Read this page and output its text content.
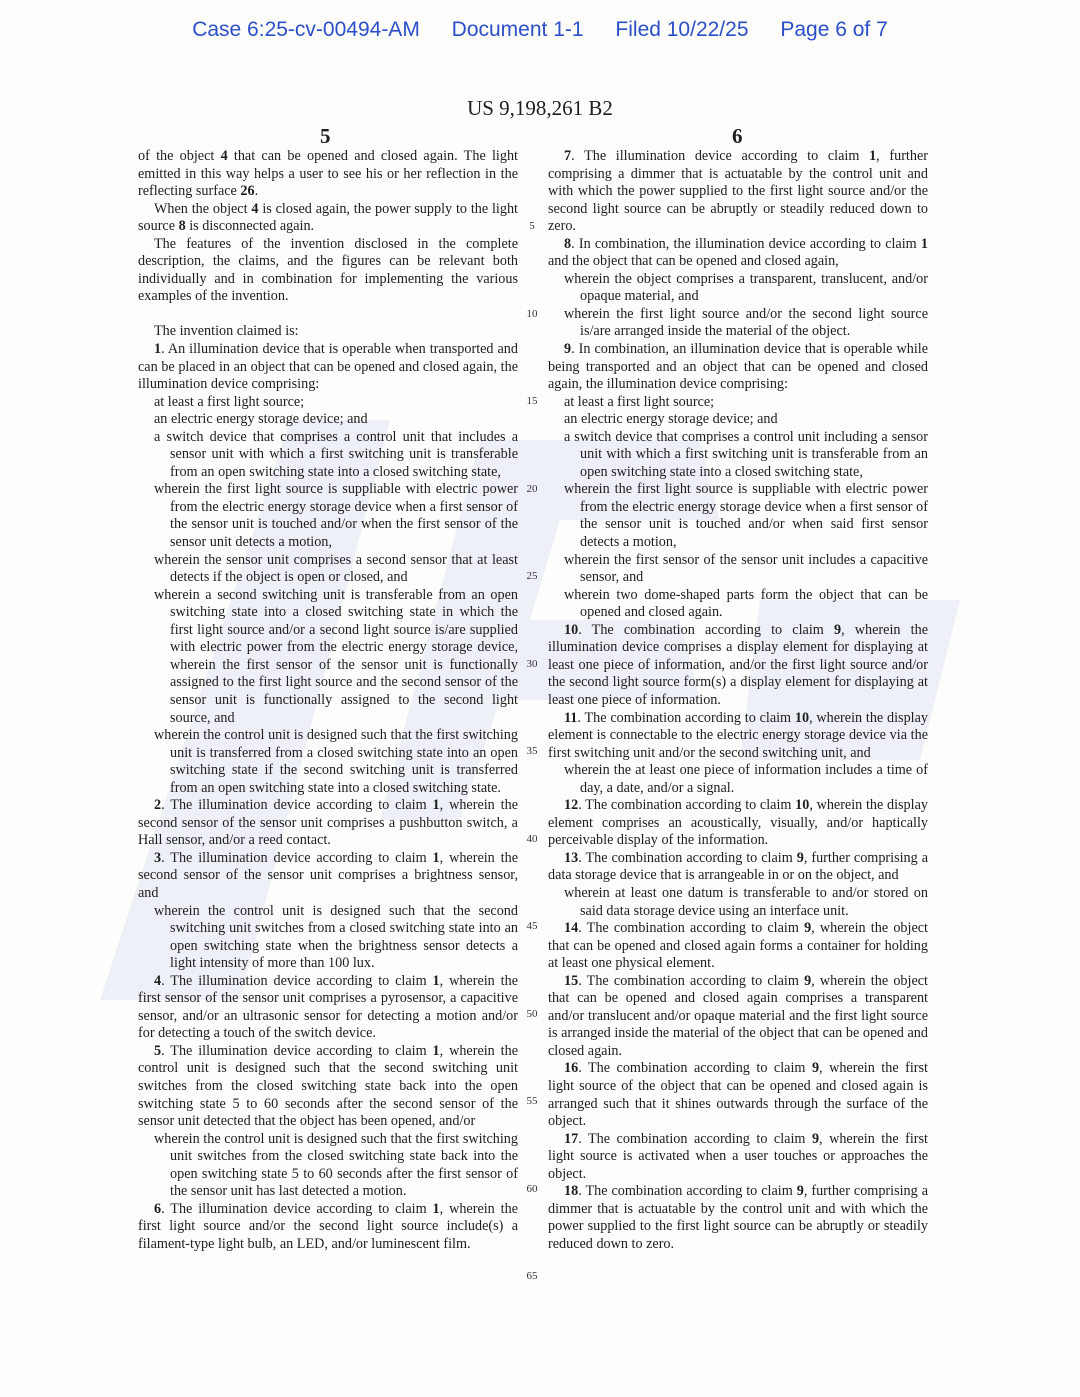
Case 6:25-cv-00494-AM Document 1-1 Filed 10/22/25 Page 6 of 7
US 9,198,261 B2
5	6

of the object 4 that can be opened and closed again. The light emitted in this way helps a user to see his or her reflection in the reflecting surface 26.

When the object 4 is closed again, the power supply to the light source 8 is disconnected again.

The features of the invention disclosed in the complete description, the claims, and the figures can be relevant both individually and in combination for implementing the various examples of the invention.

The invention claimed is:

1. An illumination device that is operable when transported and can be placed in an object that can be opened and closed again, the illumination device comprising:

at least a first light source;

an electric energy storage device; and

a switch device that comprises a control unit that includes a sensor unit with which a first switching unit is transferable from an open switching state into a closed switching state,

wherein the first light source is suppliable with electric power from the electric energy storage device when a first sensor of the sensor unit is touched and/or when the first sensor of the sensor unit detects a motion,

wherein the sensor unit comprises a second sensor that at least detects if the object is open or closed, and

wherein a second switching unit is transferable from an open switching state into a closed switching state in which the first light source and/or a second light source is/are supplied with electric power from the electric energy storage device, wherein the first sensor of the sensor unit is functionally assigned to the first light source and the second sensor of the sensor unit is functionally assigned to the second light source, and

wherein the control unit is designed such that the first switching unit is transferred from a closed switching state into an open switching state if the second switching unit is transferred from an open switching state into a closed switching state.

2. The illumination device according to claim 1, wherein the second sensor of the sensor unit comprises a pushbutton switch, a Hall sensor, and/or a reed contact.

3. The illumination device according to claim 1, wherein the second sensor of the sensor unit comprises a brightness sensor, and

wherein the control unit is designed such that the second switching unit switches from a closed switching state into an open switching state when the brightness sensor detects a light intensity of more than 100 lux.

4. The illumination device according to claim 1, wherein the first sensor of the sensor unit comprises a pyrosensor, a capacitive sensor, and/or an ultrasonic sensor for detecting a motion and/or for detecting a touch of the switch device.

5. The illumination device according to claim 1, wherein the control unit is designed such that the second switching unit switches from the closed switching state back into the open switching state 5 to 60 seconds after the second sensor of the sensor unit detected that the object has been opened, and/or

wherein the control unit is designed such that the first switching unit switches from the closed switching state back into the open switching state 5 to 60 seconds after the first sensor of the sensor unit has last detected a motion.

6. The illumination device according to claim 1, wherein the first light source and/or the second light source include(s) a filament-type light bulb, an LED, and/or luminescent film.

5
10
15
20
25
30
35
40
45
50
55
60
65

7. The illumination device according to claim 1, further comprising a dimmer that is actuatable by the control unit and with which the power supplied to the first light source and/or the second light source can be abruptly or steadily reduced down to zero.

8. In combination, the illumination device according to claim 1 and the object that can be opened and closed again,

wherein the object comprises a transparent, translucent, and/or opaque material, and

wherein the first light source and/or the second light source is/are arranged inside the material of the object.

9. In combination, an illumination device that is operable while being transported and an object that can be opened and closed again, the illumination device comprising:

at least a first light source;

an electric energy storage device; and

a switch device that comprises a control unit including a sensor unit with which a first switching unit is transferable from an open switching state into a closed switching state,

wherein the first light source is suppliable with electric power from the electric energy storage device when a first sensor of the sensor unit is touched and/or when said first sensor detects a motion,

wherein the first sensor of the sensor unit includes a capacitive sensor, and

wherein two dome-shaped parts form the object that can be opened and closed again.

10. The combination according to claim 9, wherein the illumination device comprises a display element for displaying at least one piece of information, and/or the first light source and/or the second light source form(s) a display element for displaying at least one piece of information.

11. The combination according to claim 10, wherein the display element is connectable to the electric energy storage device via the first switching unit and/or the second switching unit, and

wherein the at least one piece of information includes a time of day, a date, and/or a signal.

12. The combination according to claim 10, wherein the display element comprises an acoustically, visually, and/or haptically perceivable display of the information.

13. The combination according to claim 9, further comprising a data storage device that is arrangeable in or on the object, and

wherein at least one datum is transferable to and/or stored on said data storage device using an interface unit.

14. The combination according to claim 9, wherein the object that can be opened and closed again forms a container for holding at least one physical element.

15. The combination according to claim 9, wherein the object that can be opened and closed again comprises a transparent and/or translucent and/or opaque material and the first light source is arranged inside the material of the object that can be opened and closed again.

16. The combination according to claim 9, wherein the first light source of the object that can be opened and closed again is arranged such that it shines outwards through the surface of the object.

17. The combination according to claim 9, wherein the first light source is activated when a user touches or approaches the object.

18. The combination according to claim 9, further comprising a dimmer that is actuatable by the control unit and with which the power supplied to the first light source can be abruptly or steadily reduced down to zero.
